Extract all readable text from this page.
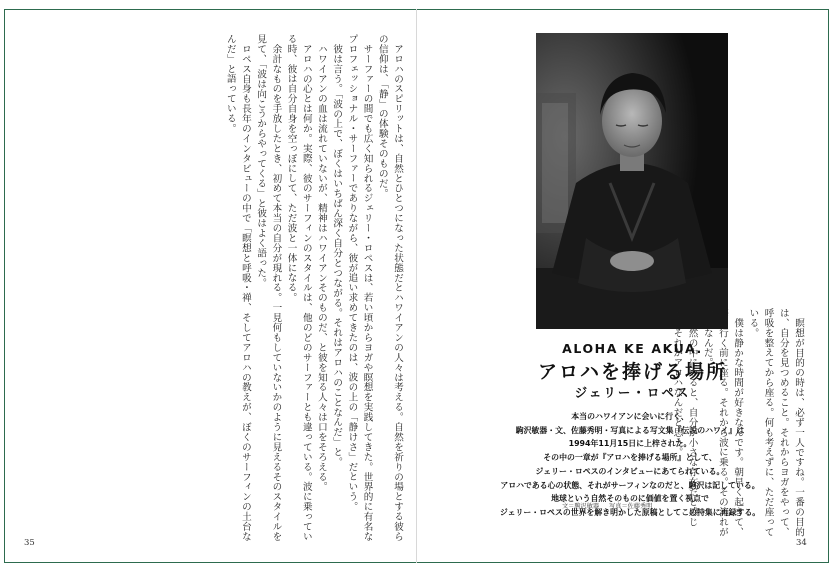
アロハのスピリットは、自然とひとつになった状態だとハワイアンの人々は考える。自然を祈りの場とする彼らの信仰は、「静」の体験そのものだ。

サーファーの間でも広く知られるジェリー・ロペスは、若い頃からヨガや瞑想を実践してきた。世界的に有名なプロフェッショナル・サーファーでありながら、彼が追い求めてきたのは、波の上の「静けさ」だという。

彼は言う。「波の上で、ぼくはいちばん深く自分とつながる。それはアロハのことなんだ」と。

ハワイアンの血は流れていないが、精神はハワイアンそのものだ、と彼を知る人々は口をそろえる。

アロハの心とは何か。実際、彼のサーフィンのスタイルは、他のどのサーファーとも違っている。波に乗っている時、彼は自分自身を空っぽにして、ただ波と一体になる。

余計なものを手放したとき、初めて本当の自分が現れる。一見何もしていないかのように見えるそのスタイルを見て、「波は向こうからやってくる」と彼はよく語った。

ロペス自身も長年のインタビューの中で「瞑想と呼吸・禅、そしてアロハの教えが、ぼくのサーフィンの土台なんだ」と語っている。

ALOHA KE AKUA.
アロハを捧げる場所
ジェリー・ロペス
本当のハワイアンに会いに行く、
駒沢敏器・文、佐藤秀明・写真による写文集『伝説のハワイ』は
1994年11月15日に上梓された。
その中の一章が『アロハを捧げる場所』として、
ジェリー・ロペスのインタビューにあてられている。
アロハである心の状態、それがサーフィンなのだと、駒沢は記している。
地球という自然そのものに価値を置く視点で
ジェリー・ロペスの世界を解き明かした原稿としてこの特集に再録する。
文＝駒沢敏器 写真＝佐藤秀明	瞑想が目的の時は、必ず一人ですね。一番の目的は、自分を見つめること。それからヨガをやって、呼吸を整えてから座る。何も考えずに、ただ座っている。

僕は静かな時間が好きなんです。朝早く起きて、海に行く前に座る。それから波に乗る。その流れが大切なんだ。

自然の中にいると、自分が小さな存在だと感じる。それがアロハなんだと思う。

35	34
